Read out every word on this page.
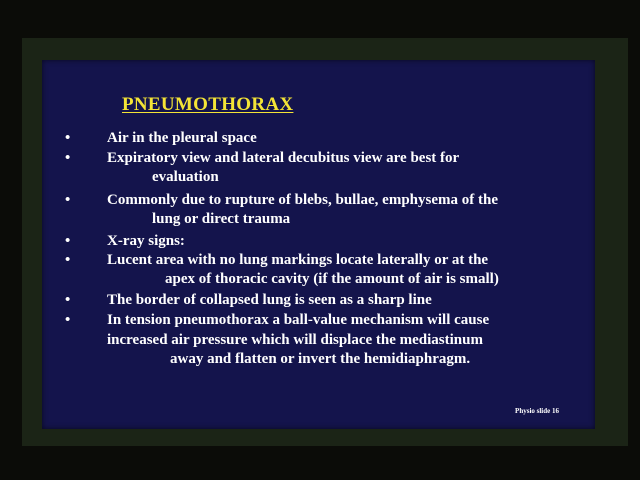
PNEUMOTHORAX
• Air in the pleural space
• Expiratory view and lateral decubitus view are best for
evaluation
• Commonly due to rupture of blebs, bullae, emphysema of the
lung or direct trauma
• X-ray signs:
• Lucent area with no lung markings locate laterally or at the
apex of thoracic cavity (if the amount of air is small)
• The border of collapsed lung is seen as a sharp line
• In tension pneumothorax a ball-value mechanism will cause
increased air pressure which will displace the mediastinum
away and flatten or invert the hemidiaphragm.
Physio slide 16
